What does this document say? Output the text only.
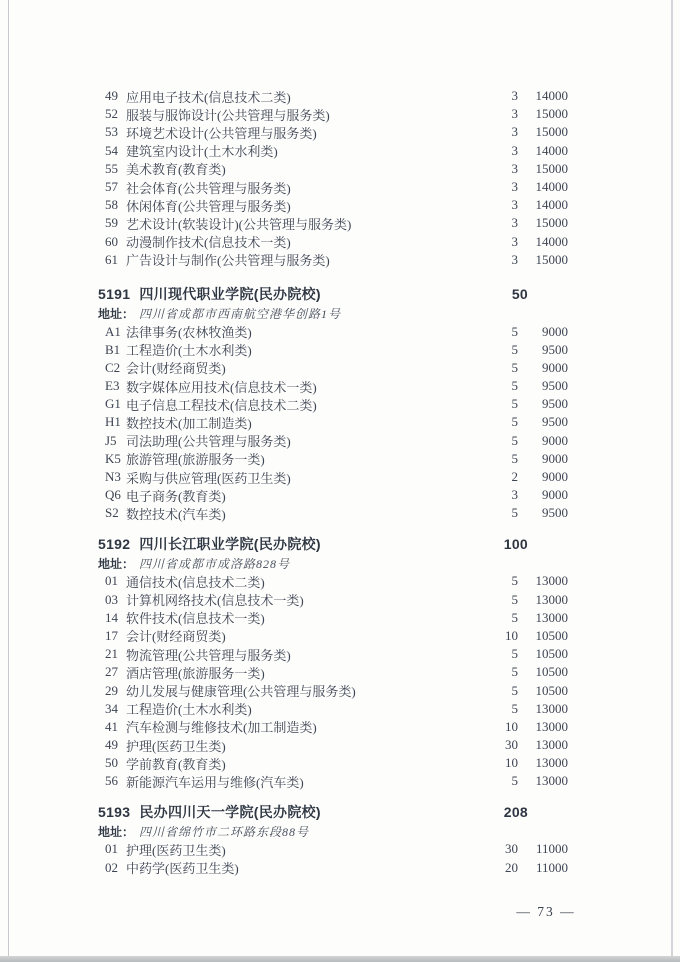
49 应用电子技术(信息技术二类)	3	14000
52 服装与服饰设计(公共管理与服务类)	3	15000
53 环境艺术设计(公共管理与服务类)	3	15000
54 建筑室内设计(土木水利类)	3	14000
55 美术教育(教育类)	3	15000
57 社会体育(公共管理与服务类)	3	14000
58 休闲体育(公共管理与服务类)	3	14000
59 艺术设计(软装设计)(公共管理与服务类)	3	15000
60 动漫制作技术(信息技术一类)	3	14000
61 广告设计与制作(公共管理与服务类)	3	15000
5191 四川现代职业学院(民办院校)	50
地址： 四川省成都市西南航空港华创路1号
A1 法律事务(农林牧渔类)	5	9000
B1 工程造价(土木水利类)	5	9500
C2 会计(财经商贸类)	5	9000
E3 数字媒体应用技术(信息技术一类)	5	9500
G1 电子信息工程技术(信息技术二类)	5	9500
H1 数控技术(加工制造类)	5	9500
J5 司法助理(公共管理与服务类)	5	9000
K5 旅游管理(旅游服务一类)	5	9000
N3 采购与供应管理(医药卫生类)	2	9000
Q6 电子商务(教育类)	3	9000
S2 数控技术(汽车类)	5	9500
5192 四川长江职业学院(民办院校)	100
地址： 四川省成都市成洛路828号
01 通信技术(信息技术二类)	5	13000
03 计算机网络技术(信息技术一类)	5	13000
14 软件技术(信息技术一类)	5	13000
17 会计(财经商贸类)	10	10500
21 物流管理(公共管理与服务类)	5	10500
27 酒店管理(旅游服务一类)	5	10500
29 幼儿发展与健康管理(公共管理与服务类)	5	10500
34 工程造价(土木水利类)	5	13000
41 汽车检测与维修技术(加工制造类)	10	13000
49 护理(医药卫生类)	30	13000
50 学前教育(教育类)	10	13000
56 新能源汽车运用与维修(汽车类)	5	13000
5193 民办四川天一学院(民办院校)	208
地址： 四川省绵竹市二环路东段88号
01 护理(医药卫生类)	30	11000
02 中药学(医药卫生类)	20	11000
— 73 —
